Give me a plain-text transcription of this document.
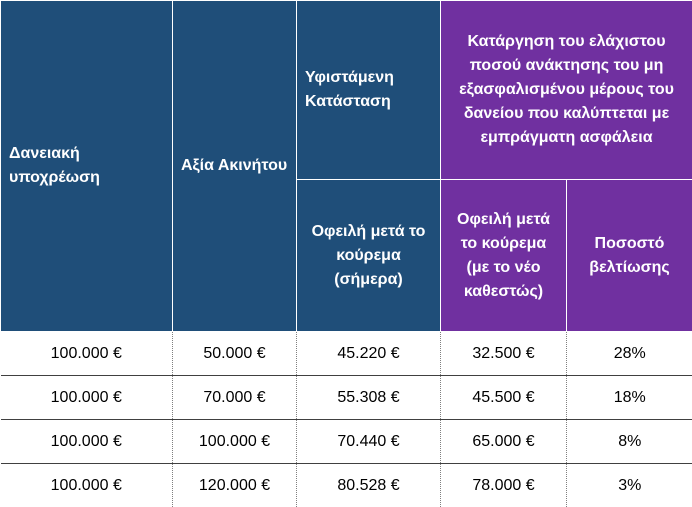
Δανειακή υποχρέωση	Αξία Ακινήτου	Υφιστάμενη Κατάσταση	Κατάργηση του ελάχιστου ποσού ανάκτησης του μη εξασφαλισμένου μέρους του δανείου που καλύπτεται με εμπράγματη ασφάλεια	
		Οφειλή μετά το κούρεμα (σήμερα)	Οφειλή μετά το κούρεμα (με το νέο καθεστώς)	Ποσοστό βελτίωσης
100.000 €	50.000 €	45.220 €	32.500 €	28%
100.000 €	70.000 €	55.308 €	45.500 €	18%
100.000 €	100.000 €	70.440 €	65.000 €	8%
100.000 €	120.000 €	80.528 €	78.000 €	3%
